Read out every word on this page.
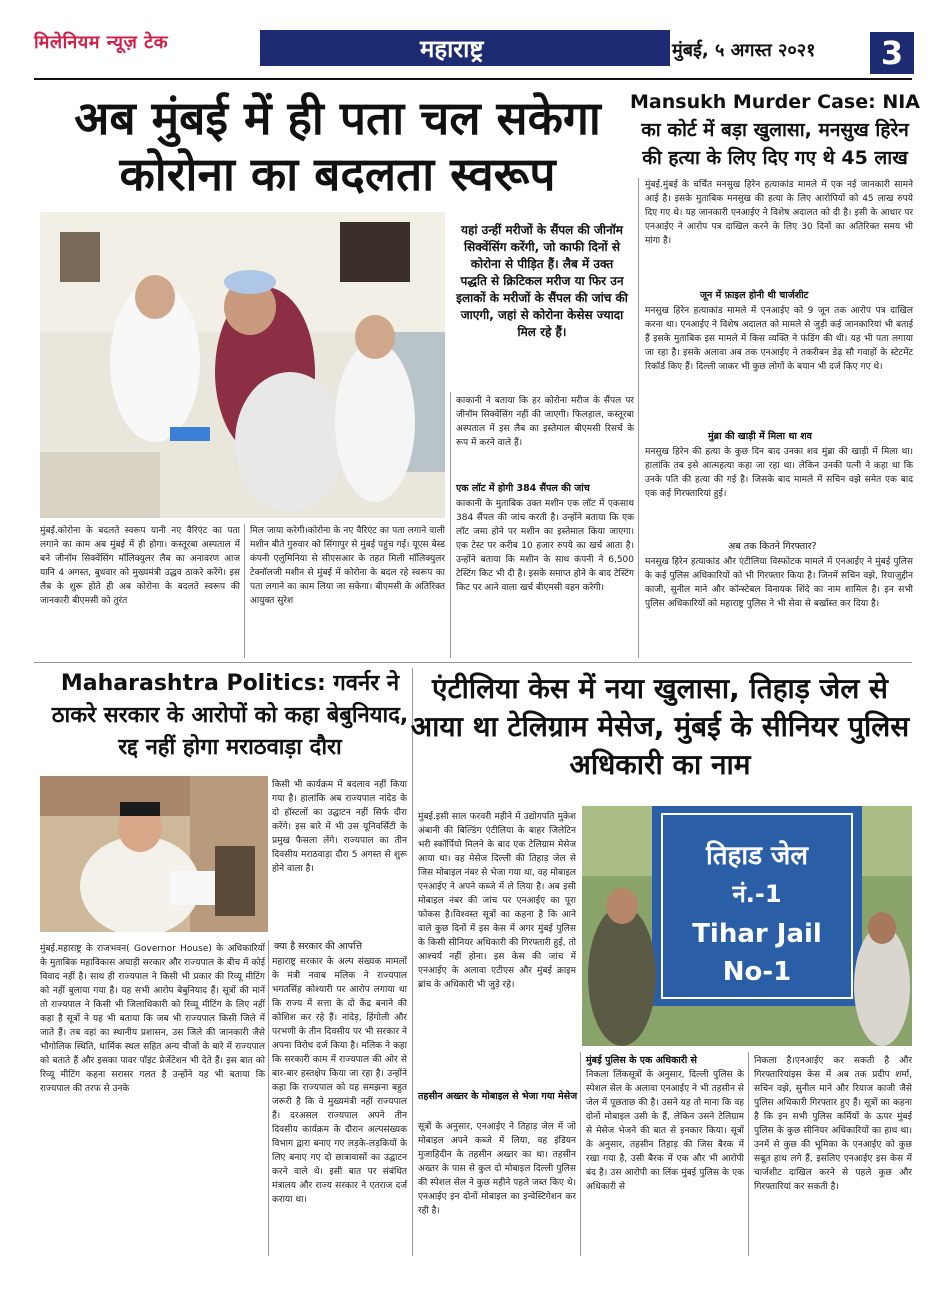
मिलेनियम न्यूज़ टेक	महाराष्ट्र	मुंबई, ५ अगस्त २०२१	3
अब मुंबई में ही पता चल सकेगा कोरोना का बदलता स्वरूप
यहां उन्हीं मरीजों के सैंपल की जीनॉम सिक्वेंसिंग करेंगी, जो काफी दिनों से कोरोना से पीड़ित हैं। लैब में उक्त पद्धति से क्रिटिकल मरीज या फिर उन इलाकों के मरीजों के सैंपल की जांच की जाएगी, जहां से कोरोना केसेस ज्यादा मिल रहे हैं।
मुंबई.कोरोना के बदलते स्वरूप यानी नए वैरिएंट का पता लगाने का काम अब मुंबई में ही होगा। कस्तूरबा अस्पताल में बने जीनॉम सिक्वेंसिंग मॉलिक्युलर लैब का अनावरण आज यानि 4 अगस्त, बुधवार को मुख्यमंत्री उद्धव ठाकरे करेंगे। इस लैब के शुरू होते ही अब कोरोना के बदलते स्वरूप की जानकारी बीएमसी को तुरंत
मिल जाया करेगी।कोरोना के नए वैरिएंट का पता लगाने वाली मशीन बीते गुरुवार को सिंगापुर से मुंबई पहुंच गई। यूएस बेस्ड कंपनी एलुमिनिया से सीएसआर के तहत मिली मॉलिक्युलर टेक्नॉलजी मशीन से मुंबई में कोरोना के बदल रहे स्वरूप का पता लगाने का काम लिया जा सकेगा। बीएमसी के अतिरिक्त आयुक्त सुरेश
काकानी ने बताया कि हर कोरोना मरीज के सैंपल पर जीनॉम सिक्वेंसिंग नहीं की जाएगी। फिलहाल, कस्तूरबा अस्पताल में इस लैब का इस्तेमाल बीएमसी रिसर्च के रूप में करने वाले हैं।
एक लॉट में होगी 384 सैंपल की जांच
काकानी के मुताबिक उक्त मशीन एक लॉट में एकसाथ 384 सैंपल की जांच करती है। उन्होंने बताया कि एक लॉट जमा होने पर मशीन का इस्तेमाल किया जाएगा। एक टेस्ट पर करीब 10 हजार रुपये का खर्च आता है। उन्होंने बताया कि मशीन के साथ कंपनी ने 6,500 टेस्टिंग किट भी दी है। इसके समाप्त होने के बाद टेस्टिंग किट पर आने वाला खर्च बीएमसी वहन करेगी।
Mansukh Murder Case: NIA का कोर्ट में बड़ा खुलासा, मनसुख हिरेन की हत्या के लिए दिए गए थे 45 लाख
मुंबई.मुंबई के चर्चित मनसुख हिरेन हत्याकांड मामले में एक नई जानकारी सामने आई है। इसके मुताबिक मनसुख की हत्या के लिए आरोपियों को 45 लाख रुपये दिए गए थे। यह जानकारी एनआईए ने विशेष अदालत को दी है। इसी के आधार पर एनआईए ने आरोप पत्र दाखिल करने के लिए 30 दिनों का अतिरिक्त समय भी मांगा है।
जून में फ़ाइल होनी थी चार्जशीट
मनसुख हिरेन हत्याकांड मामले में एनआईए को 9 जून तक आरोप पत्र दाखिल करना था। एनआईए ने विशेष अदालत को मामले से जुड़ी कई जानकारियां भी बताई हैं इसके मुताबिक इस मामले में किस व्यक्ति ने फंडिंग की थी। यह भी पता लगाया जा रहा है। इसके अलावा अब तक एनआईए ने तकरीबन डेढ़ सौ गवाहों के स्टेटमेंट रिकॉर्ड किए हैं। दिल्ली जाकर भी कुछ लोगों के बयान भी दर्ज किए गए थे।
मुंब्रा की खाड़ी में मिला था शव
मनसुख हिरेन की हत्या के कुछ दिन बाद उनका शव मुंब्रा की खाड़ी में मिला था। हालांकि तब इसे आत्महत्या कहा जा रहा था। लेकिन उनकी पत्नी ने कहा था कि उनके पति की हत्या की गई है। जिसके बाद मामले में सचिन वझे समेत एक बाद एक कई गिरफ्तारियां हुई।
अब तक कितने गिरफ्तार?
मनसुख हिरेन हत्याकांड और एंटीलिया विस्फोटक मामले में एनआईए ने मुंबई पुलिस के कई पुलिस अधिकारियों को भी गिरफ्तार किया है। जिनमें सचिन वझे, रियाज़ुद्दीन काजी, सुनील माने और कॉन्स्टेबल विनायक शिंदे का नाम शामिल है। इन सभी पुलिस अधिकारियों को महाराष्ट्र पुलिस ने भी सेवा से बर्खास्त कर दिया है।
Maharashtra Politics: गवर्नर ने ठाकरे सरकार के आरोपों को कहा बेबुनियाद, रद्द नहीं होगा मराठवाड़ा दौरा
किसी भी कार्यक्रम में बदलाव नहीं किया गया है। हालांकि अब राज्यपाल नांदेड के दो हॉस्टलों का उद्घाटन नहीं सिर्फ दौरा करेंगे। इस बारे में भी उस यूनिवर्सिटी के प्रमुख फैसला लेंगे। राज्यपाल का तीन दिवसीय मराठवाड़ा दौरा 5 अगस्त से शुरू होने वाला है।
क्या है सरकार की आपत्ति
मुंबई.महाराष्ट्र के राजभवन( Governor House) के अधिकारियों के मुताबिक महाविकास अघाड़ी सरकार और राज्यपाल के बीच में कोई विवाद नहीं है। साथ ही राज्यपाल ने किसी भी प्रकार की रिव्यू मीटिंग को नहीं बुलाया गया है। यह सभी आरोप बेबुनियाद हैं। सूत्रों की मानें तो राज्यपाल ने किसी भी जिलाधिकारी को रिव्यू मीटिंग के लिए नहीं कहा है सूत्रों ने यह भी बताया कि जब भी राज्यपाल किसी जिले में जाते हैं। तब वहां का स्थानीय प्रशासन, उस जिले की जानकारी जैसे भौगोलिक स्थिति, धार्मिक स्थल सहित अन्य चीजों के बारे में राज्यपाल को बताते हैं और इसका पावर पॉइंट प्रेजेंटेशन भी देते हैं। इस बात को रिव्यू मीटिंग कहना सरासर गलत है उन्होंने यह भी बताया कि राज्यपाल की तरफ से उनके
महाराष्ट्र सरकार के अल्प संख्यक मामलों के मंत्री नवाब मलिक ने राज्यपाल भगतसिंह कोश्यारी पर आरोप लगाया था कि राज्य में सत्ता के दो केंद्र बनाने की कोशिश कर रहे हैं। नांदेड़, हिंगोली और परभणी के तीन दिवसीय पर भी सरकार ने अपना विरोध दर्ज किया है। मलिक ने कहा कि सरकारी काम में राज्यपाल की ओर से बार-बार हस्तक्षेप किया जा रहा है। उन्होंने कहा कि राज्यपाल को यह समझना बहुत जरूरी है कि वे मुख्यमंत्री नहीं राज्यपाल हैं। दरअसल राज्यपाल अपने तीन दिवसीय कार्यक्रम के दौरान अल्पसंख्यक विभाग द्वारा बनाए गए लड़के-लड़कियों के लिए बनाए गए दो छात्रावासों का उद्घाटन करने वाले थे। इसी बात पर संबंधित मंत्रालय और राज्य सरकार ने एतराज दर्ज कराया था।
एंटीलिया केस में नया खुलासा, तिहाड़ जेल से आया था टेलिग्राम मेसेज, मुंबई के सीनियर पुलिस अधिकारी का नाम
मुंबई.इसी साल फरवरी महीने में उद्योगपति मुकेश अंबानी की बिल्डिंग एंटीलिया के बाहर जिलेटिन भरी स्कॉर्पियो मिलने के बाद एक टेलिग्राम मेसेज आया था। वह मेसेज दिल्ली की तिहाड़ जेल से जिस मोबाइल नंबर से भेजा गया था, वह मोबाइल एनआईए ने अपने कब्जे में ले लिया है। अब इसी मोबाइल नंबर की जांच पर एनआईए का पूरा फोकस है।विश्वस्त सूत्रों का कहना है कि आने वाले कुछ दिनों में इस केस में अगर मुंबई पुलिस के किसी सीनियर अधिकारी की गिरफ्तारी हुई, तो आश्चर्य नहीं होना। इस केस की जांच में एनआईए के अलावा एटीएस और मुंबई क्राइम ब्रांच के अधिकारी भी जुड़े रहे।
तिहाड जेल
नं.-1
Tihar Jail
No-1
तहसीन अख्तर के मोबाइल से भेजा गया मेसेज
सूत्रों के अनुसार, एनआईए ने तिहाड़ जेल में जो मोबाइल अपने कब्जे में लिया, वह इंडियन मुजाहिदीन के तहसीन अख्तर का था। तहसीन अख्तर के पास से कुल दो मोबाइल दिल्ली पुलिस की स्पेशल सेल ने कुछ महीने पहले जब्त किए थे। एनआईए इन दोनों मोबाइल का इन्वेस्टिगेशन कर रही है।
मुंबई पुलिस के एक अधिकारी से
निकला लिंकसूत्रों के अनुसार, दिल्ली पुलिस के स्पेशल सेल के अलावा एनआईए ने भी तहसीन से जेल में पूछताछ की है। उसने यह तो माना कि वह दोनों मोबाइल उसी के हैं, लेकिन उसने टेलिग्राम से मेसेज भेजने की बात से इनकार किया। सूत्रों के अनुसार, तहसीन तिहाड़ की जिस बैरक में रखा गया है, उसी बैरक में एक और भी आरोपी बंद है। उस आरोपी का लिंक मुंबई पुलिस के एक अधिकारी से
निकला है।एनआईए कर सकती है और गिरफ्तारियांइस केस में अब तक प्रदीप शर्मा, सचिन वझे, सुनील माने और रियाज काजी जैसे पुलिस अधिकारी गिरफ्तार हुए हैं। सूत्रों का कहना है कि इन सभी पुलिस कर्मियों के ऊपर मुंबई पुलिस के कुछ सीनियर अधिकारियों का हाथ था। उनमें से कुछ की भूमिका के एनआईए को कुछ सबूत हाथ लगे हैं, इसलिए एनआईए इस केस में चार्जशीट दाखिल करने से पहले कुछ और गिरफ्तारियां कर सकती है।
